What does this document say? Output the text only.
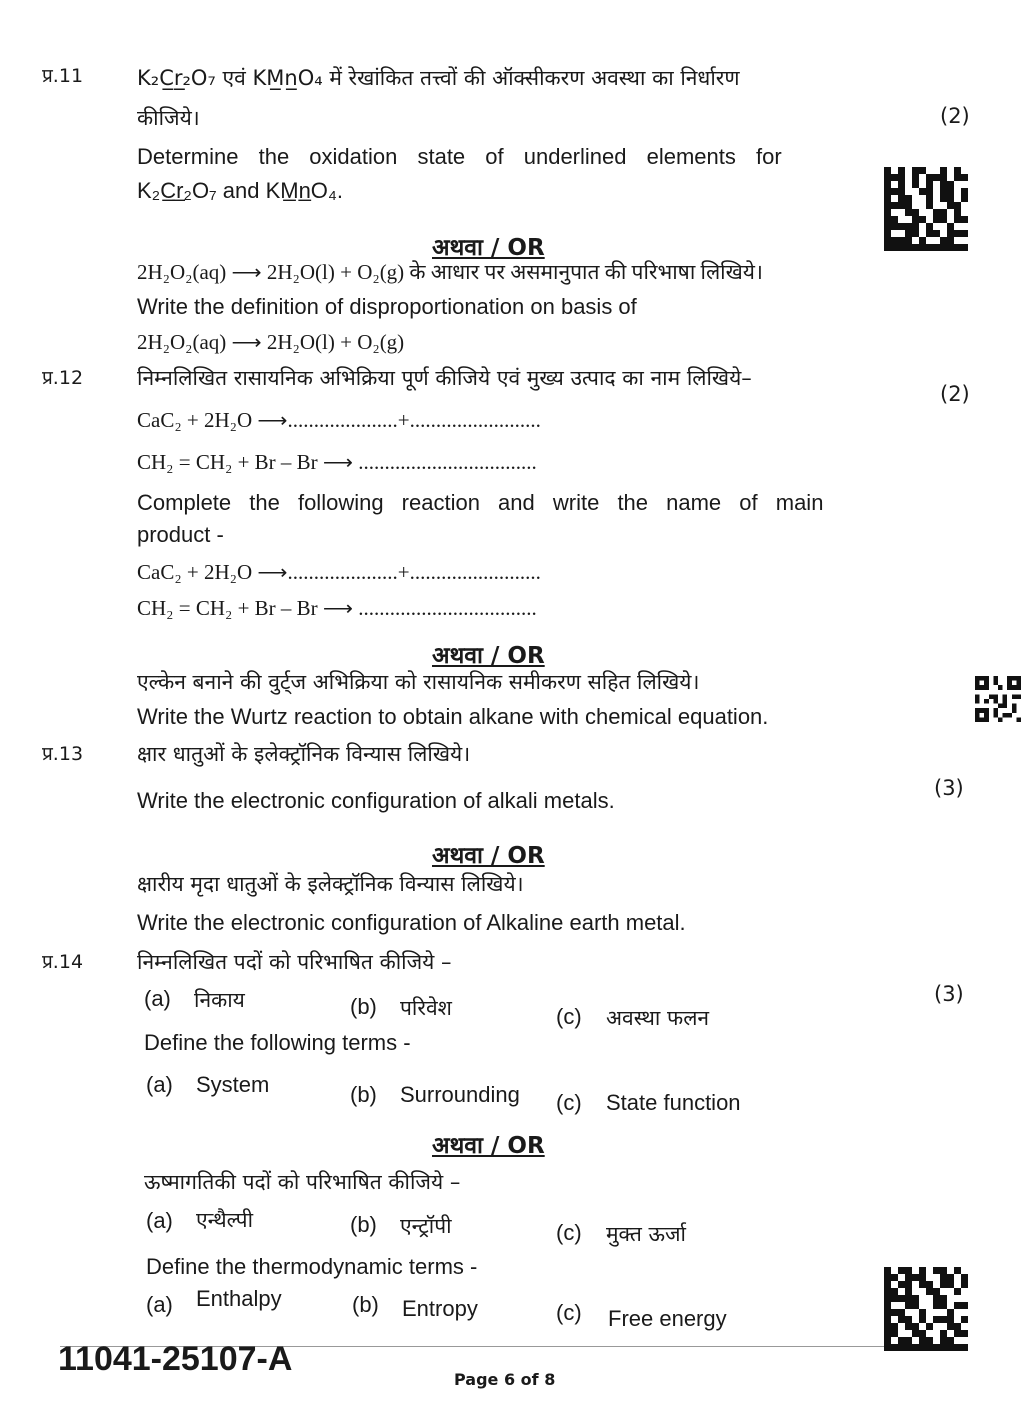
प्र.11	K₂C̲r̲₂O₇ एवं KM̲n̲O₄ में रेखांकित तत्त्वों की ऑक्सीकरण अवस्था का निर्धारण
कीजिये।	(2)
Determine the oxidation state of underlined elements for
K₂C̲r̲₂O₇ and KM̲n̲O₄.
अथवा / OR
2H₂O₂(aq) ⟶ 2H₂O(l) + O₂(g) के आधार पर असमानुपात की परिभाषा लिखिये।
Write the definition of disproportionation on basis of
2H₂O₂(aq) ⟶ 2H₂O(l) + O₂(g)
प्र.12	निम्नलिखित रासायनिक अभिक्रिया पूर्ण कीजिये एवं मुख्य उत्पाद का नाम लिखिये–
(2)
CaC₂ + 2H₂O ⟶.....................+.........................
CH₂ = CH₂ + Br – Br ⟶ ..................................
Complete the following reaction and write the name of main
product -
CaC₂ + 2H₂O ⟶.....................+.........................
CH₂ = CH₂ + Br – Br ⟶ ..................................
अथवा / OR
एल्केन बनाने की वुर्ट्ज अभिक्रिया को रासायनिक समीकरण सहित लिखिये।
Write the Wurtz reaction to obtain alkane with chemical equation.
प्र.13	क्षार धातुओं के इलेक्ट्रॉनिक विन्यास लिखिये।
(3)
Write the electronic configuration of alkali metals.
अथवा / OR
क्षारीय मृदा धातुओं के इलेक्ट्रॉनिक विन्यास लिखिये।
Write the electronic configuration of Alkaline earth metal.
प्र.14	निम्नलिखित पदों को परिभाषित कीजिये –
(3)
(a) निकाय	(b) परिवेश	(c) अवस्था फलन
Define the following terms -
(a) System	(b) Surrounding (c) State function
अथवा / OR
ऊष्मागतिकी पदों को परिभाषित कीजिये –
(a) एन्थैल्पी	(b) एन्ट्रॉपी	(c) मुक्त ऊर्जा
Define the thermodynamic terms -
(a) Enthalpy	(b) Entropy	(c) Free energy
11041-25107-A
Page 6 of 8
